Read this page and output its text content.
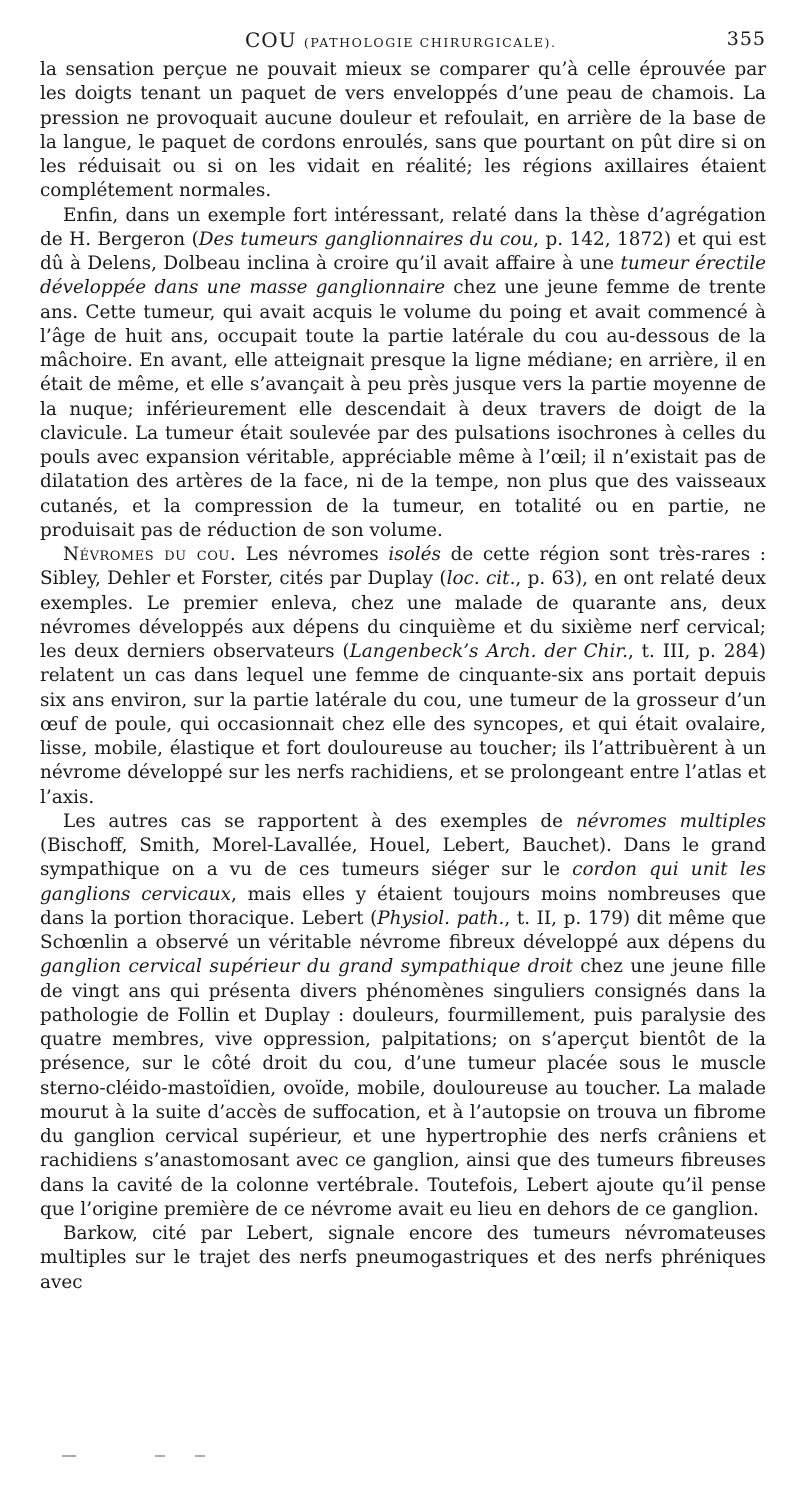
COU (PATHOLOGIE CHIRURGICALE).	355

la sensation perçue ne pouvait mieux se comparer qu’à celle éprouvée par les doigts tenant un paquet de vers enveloppés d’une peau de chamois. La pression ne provoquait aucune douleur et refoulait, en arrière de la base de la langue, le paquet de cordons enroulés, sans que pourtant on pût dire si on les réduisait ou si on les vidait en réalité; les régions axillaires étaient complétement normales.

Enfin, dans un exemple fort intéressant, relaté dans la thèse d’agrégation de H. Bergeron (Des tumeurs ganglionnaires du cou, p. 142, 1872) et qui est dû à Delens, Dolbeau inclina à croire qu’il avait affaire à une tumeur érectile développée dans une masse ganglionnaire chez une jeune femme de trente ans. Cette tumeur, qui avait acquis le volume du poing et avait commencé à l’âge de huit ans, occupait toute la partie latérale du cou au-dessous de la mâchoire. En avant, elle atteignait presque la ligne médiane; en arrière, il en était de même, et elle s’avançait à peu près jusque vers la partie moyenne de la nuque; inférieurement elle descendait à deux travers de doigt de la clavicule. La tumeur était soulevée par des pulsations isochrones à celles du pouls avec expansion véritable, appréciable même à l’œil; il n’existait pas de dilatation des artères de la face, ni de la tempe, non plus que des vaisseaux cutanés, et la compression de la tumeur, en totalité ou en partie, ne produisait pas de réduction de son volume.

Névromes du cou. Les névromes isolés de cette région sont très-rares : Sibley, Dehler et Forster, cités par Duplay (loc. cit., p. 63), en ont relaté deux exemples. Le premier enleva, chez une malade de quarante ans, deux névromes développés aux dépens du cinquième et du sixième nerf cervical; les deux derniers observateurs (Langenbeck’s Arch. der Chir., t. III, p. 284) relatent un cas dans lequel une femme de cinquante-six ans portait depuis six ans environ, sur la partie latérale du cou, une tumeur de la grosseur d’un œuf de poule, qui occasionnait chez elle des syncopes, et qui était ovalaire, lisse, mobile, élastique et fort douloureuse au toucher; ils l’attribuèrent à un névrome développé sur les nerfs rachidiens, et se prolongeant entre l’atlas et l’axis.

Les autres cas se rapportent à des exemples de névromes multiples (Bischoff, Smith, Morel-Lavallée, Houel, Lebert, Bauchet). Dans le grand sympathique on a vu de ces tumeurs siéger sur le cordon qui unit les ganglions cervicaux, mais elles y étaient toujours moins nombreuses que dans la portion thoracique. Lebert (Physiol. path., t. II, p. 179) dit même que Schœnlin a observé un véritable névrome fibreux développé aux dépens du ganglion cervical supérieur du grand sympathique droit chez une jeune fille de vingt ans qui présenta divers phénomènes singuliers consignés dans la pathologie de Follin et Duplay : douleurs, fourmillement, puis paralysie des quatre membres, vive oppression, palpitations; on s’aperçut bientôt de la présence, sur le côté droit du cou, d’une tumeur placée sous le muscle sterno-cléido-mastoïdien, ovoïde, mobile, douloureuse au toucher. La malade mourut à la suite d’accès de suffocation, et à l’autopsie on trouva un fibrome du ganglion cervical supérieur, et une hypertrophie des nerfs crâniens et rachidiens s’anastomosant avec ce ganglion, ainsi que des tumeurs fibreuses dans la cavité de la colonne vertébrale. Toutefois, Lebert ajoute qu’il pense que l’origine première de ce névrome avait eu lieu en dehors de ce ganglion.

Barkow, cité par Lebert, signale encore des tumeurs névromateuses multiples sur le trajet des nerfs pneumogastriques et des nerfs phréniques avec
